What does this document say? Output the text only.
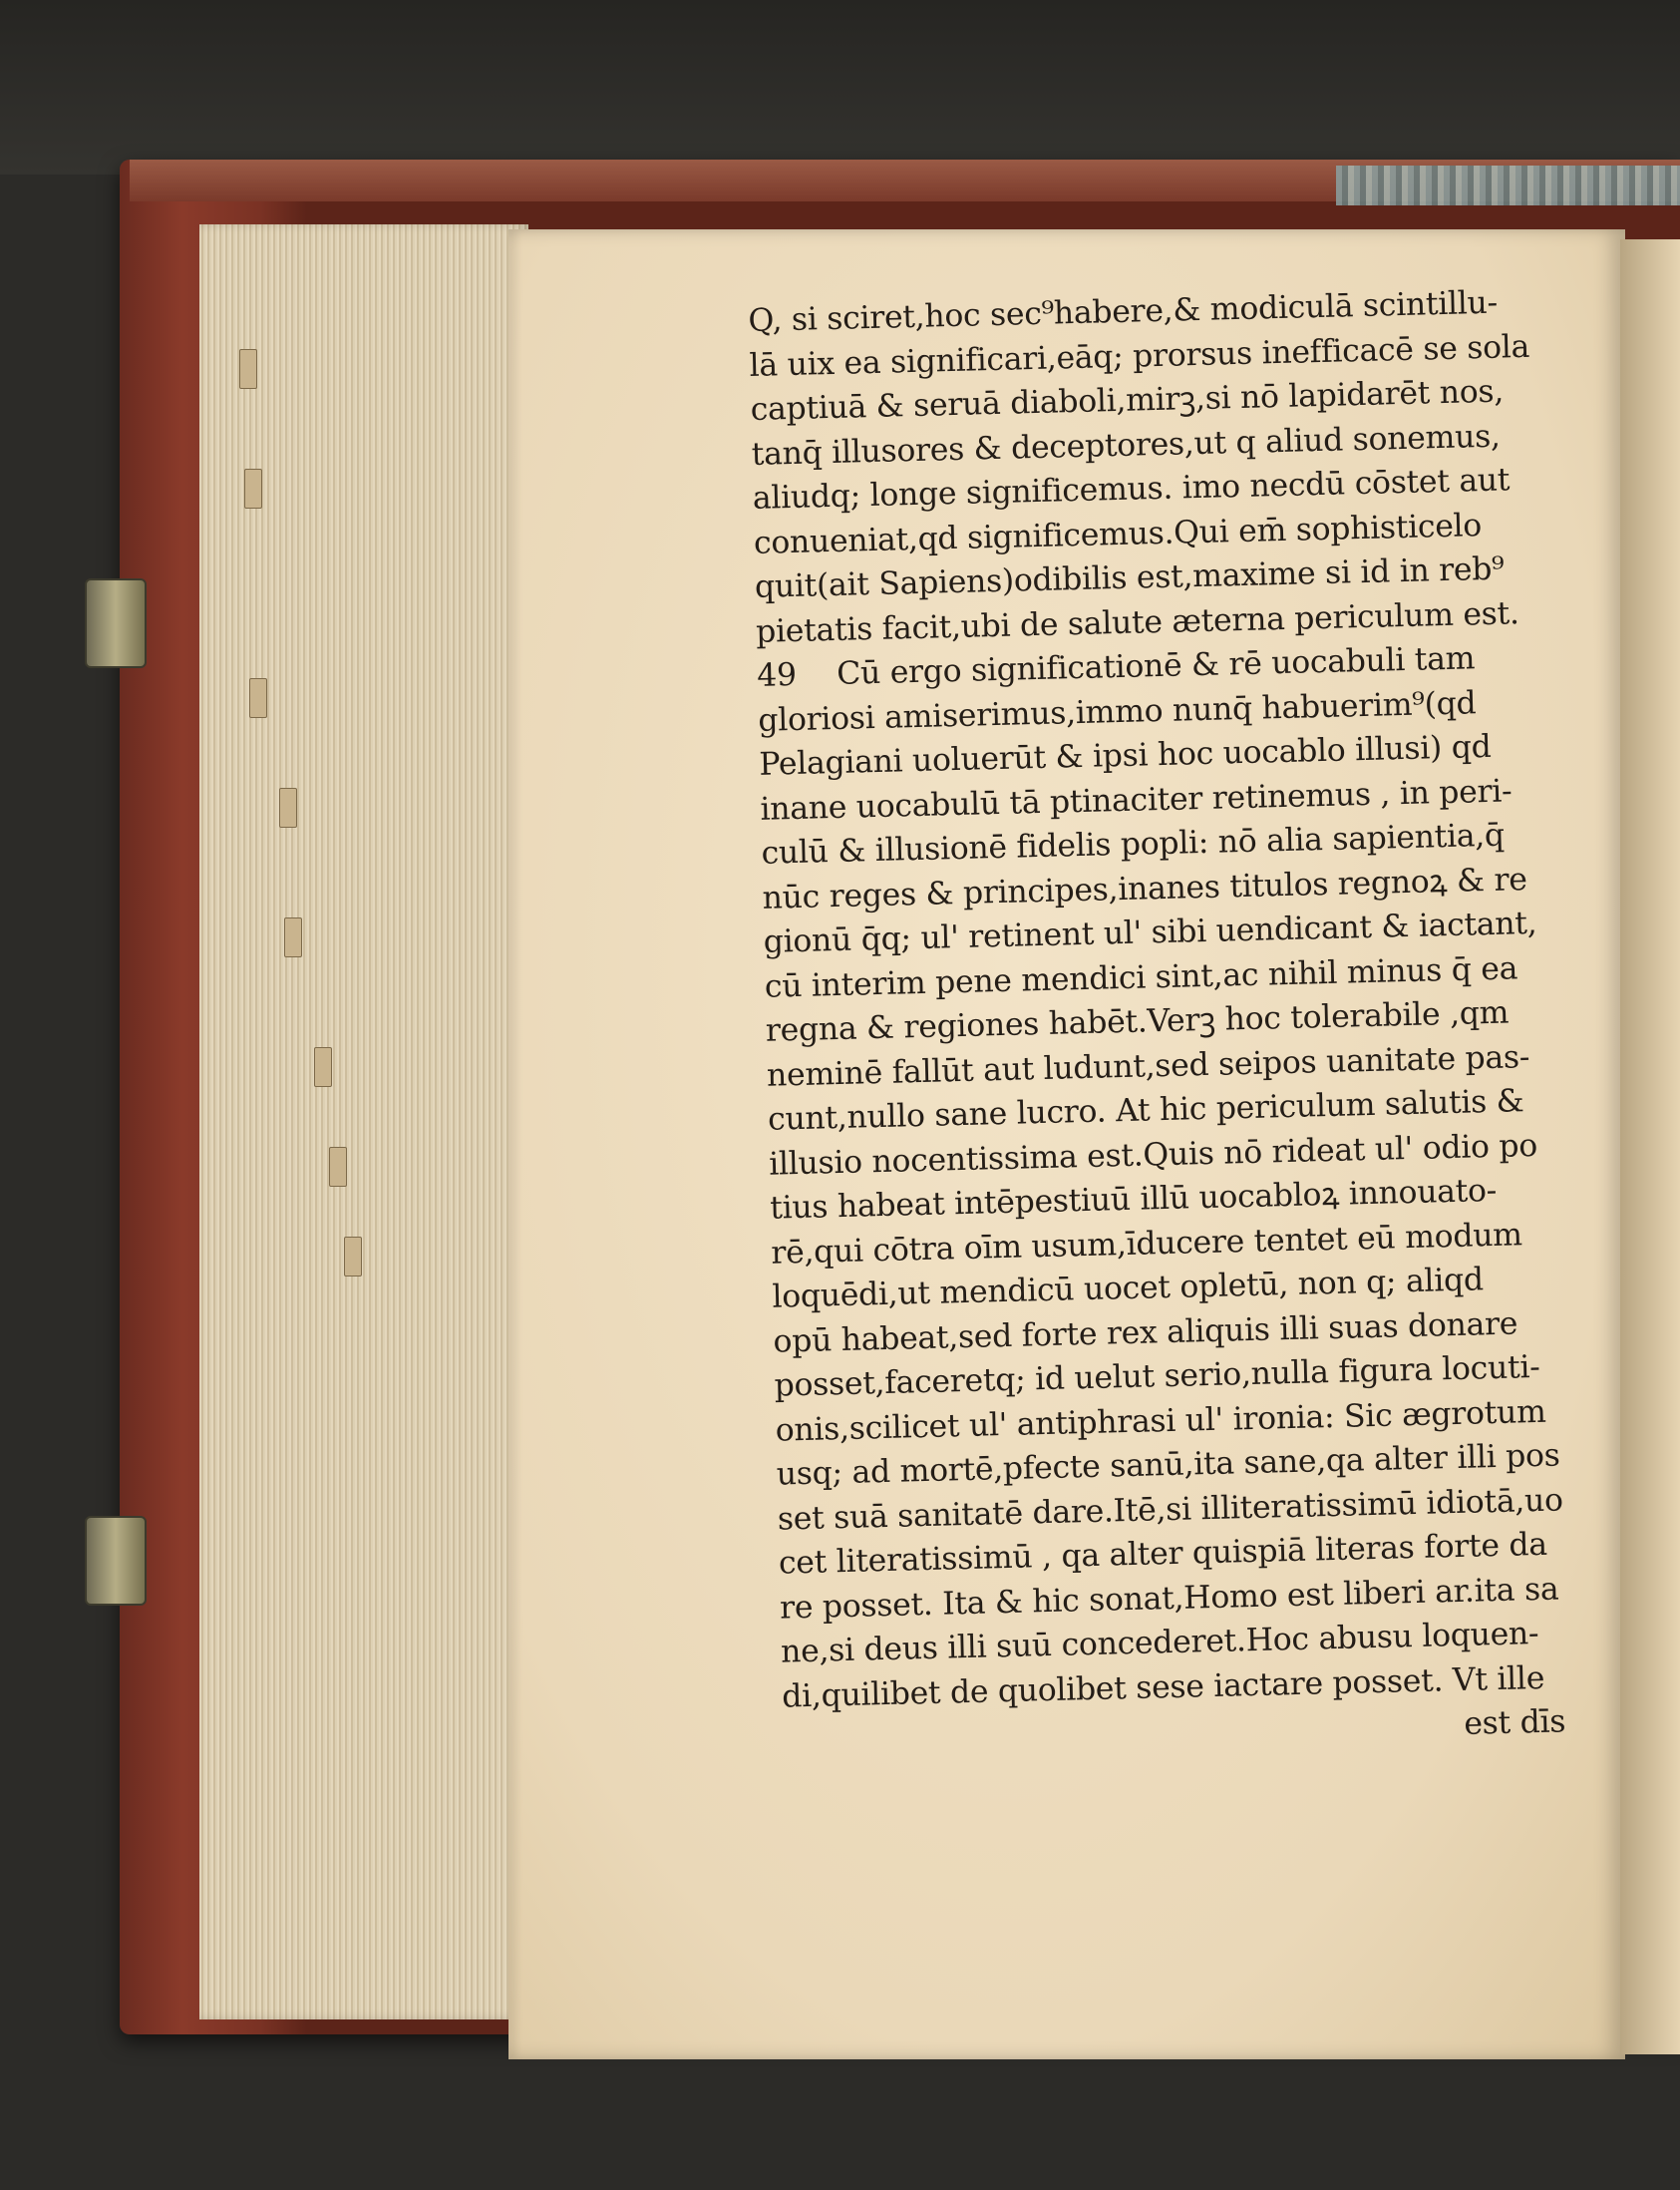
Q, si sciret,hoc sec⁹habere,& modiculā scintillu-
lā uix ea significari,eāq; prorsus inefficacē se sola
captiuā & seruā diaboli,mirꝫ,si nō lapidarēt nos,
tanq̄ illusores & deceptores,ut q aliud sonemus,
aliudq; longe significemus. imo necdū cōstet aut
conueniat,qd significemus.Qui em̄ sophisticelo
quit(ait Sapiens)odibilis est,maxime si id in reb⁹
pietatis facit,ubi de salute æterna periculum est.
49 Cū ergo significationē & rē uocabuli tam
gloriosi amiserimus,immo nunq̄ habuerim⁹(qd
Pelagiani uoluerūt & ipsi hoc uocablo illusi) qd
inane uocabulū tā ptinaciter retinemus , in peri-
culū & illusionē fidelis popli: nō alia sapientia,q̄
nūc reges & principes,inanes titulos regnoꝝ & re
gionū q̄q; ul' retinent ul' sibi uendicant & iactant,
cū interim pene mendici sint,ac nihil minus q̄ ea
regna & regiones habēt.Verꝫ hoc tolerabile ,qm
neminē fallūt aut ludunt,sed seipos uanitate pas-
cunt,nullo sane lucro. At hic periculum salutis &
illusio nocentissima est.Quis nō rideat ul' odio po
tius habeat intēpestiuū illū uocabloꝝ innouato-
rē,qui cōtra oīm usum,īducere tentet eū modum
loquēdi,ut mendicū uocet opletū, non q; aliqd
opū habeat,sed forte rex aliquis illi suas donare
posset,faceretq; id uelut serio,nulla figura locuti-
onis,scilicet ul' antiphrasi ul' ironia: Sic ægrotum
usq; ad mortē,pfecte sanū,ita sane,qa alter illi pos
set suā sanitatē dare.Itē,si illiteratissimū idiotā,uo
cet literatissimū , qa alter quispiā literas forte da
re posset. Ita & hic sonat,Homo est liberi ar.ita sa
ne,si deus illi suū concederet.Hoc abusu loquen-
di,quilibet de quolibet sese iactare posset. Vt ille
est dīs
